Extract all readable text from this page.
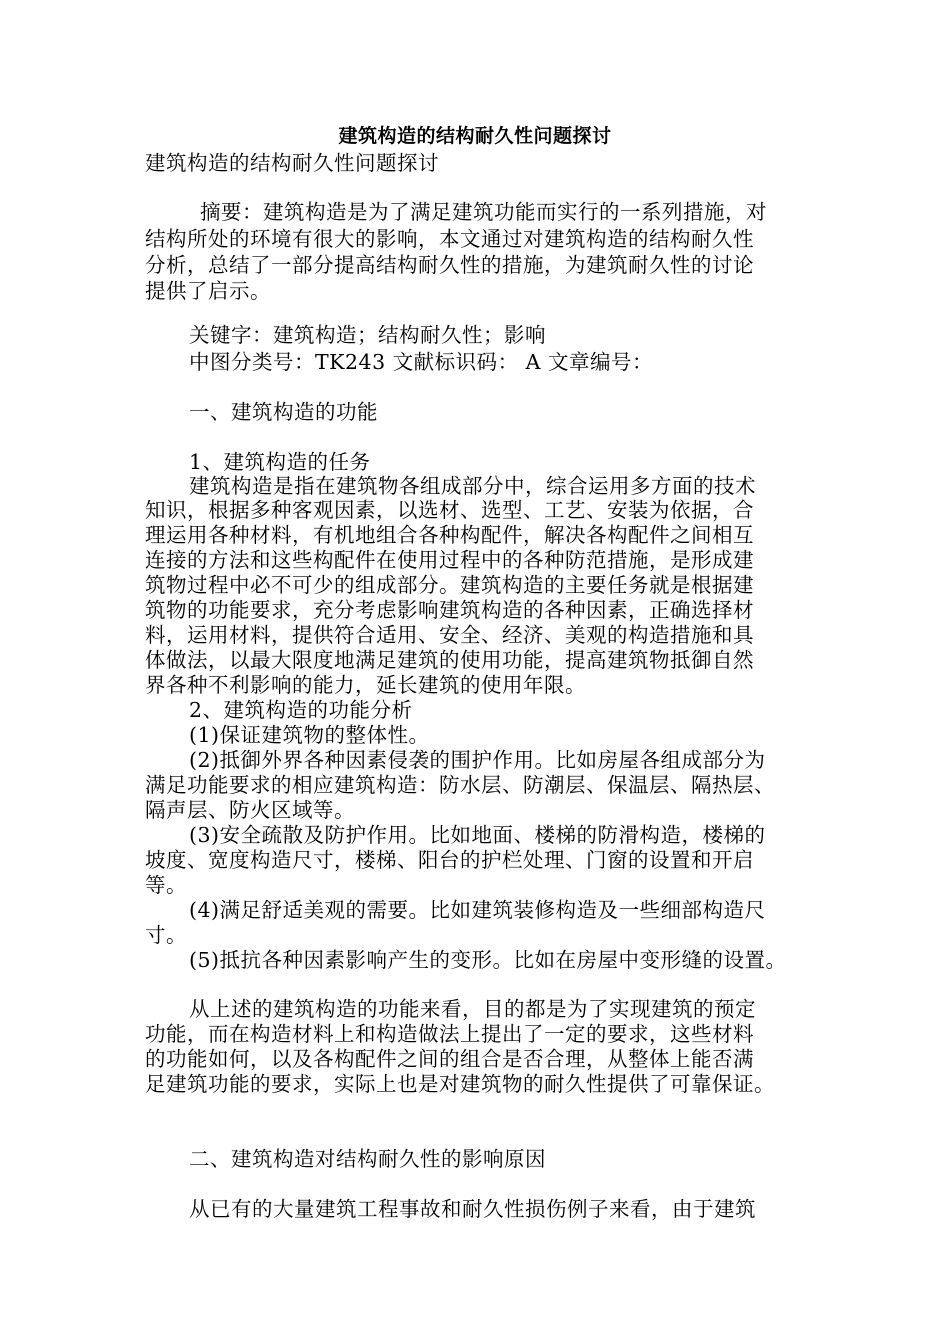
建筑构造的结构耐久性问题探讨
建筑构造的结构耐久性问题探讨
摘要：建筑构造是为了满足建筑功能而实行的一系列措施，对
结构所处的环境有很大的影响，本文通过对建筑构造的结构耐久性
分析，总结了一部分提高结构耐久性的措施，为建筑耐久性的讨论
提供了启示。
关键字：建筑构造；结构耐久性；影响
中图分类号：TK243 文献标识码： A 文章编号：
一、建筑构造的功能
1、建筑构造的任务
建筑构造是指在建筑物各组成部分中，综合运用多方面的技术
知识，根据多种客观因素，以选材、选型、工艺、安装为依据，合
理运用各种材料，有机地组合各种构配件，解决各构配件之间相互
连接的方法和这些构配件在使用过程中的各种防范措施，是形成建
筑物过程中必不可少的组成部分。建筑构造的主要任务就是根据建
筑物的功能要求，充分考虑影响建筑构造的各种因素，正确选择材
料，运用材料，提供符合适用、安全、经济、美观的构造措施和具
体做法，以最大限度地满足建筑的使用功能，提高建筑物抵御自然
界各种不利影响的能力，延长建筑的使用年限。
2、建筑构造的功能分析
(1)保证建筑物的整体性。
(2)抵御外界各种因素侵袭的围护作用。比如房屋各组成部分为
满足功能要求的相应建筑构造：防水层、防潮层、保温层、隔热层、
隔声层、防火区域等。
(3)安全疏散及防护作用。比如地面、楼梯的防滑构造，楼梯的
坡度、宽度构造尺寸，楼梯、阳台的护栏处理、门窗的设置和开启
等。
(4)满足舒适美观的需要。比如建筑装修构造及一些细部构造尺
寸。
(5)抵抗各种因素影响产生的变形。比如在房屋中变形缝的设置。
从上述的建筑构造的功能来看，目的都是为了实现建筑的预定
功能，而在构造材料上和构造做法上提出了一定的要求，这些材料
的功能如何，以及各构配件之间的组合是否合理，从整体上能否满
足建筑功能的要求，实际上也是对建筑物的耐久性提供了可靠保证。
二、建筑构造对结构耐久性的影响原因
从已有的大量建筑工程事故和耐久性损伤例子来看，由于建筑
